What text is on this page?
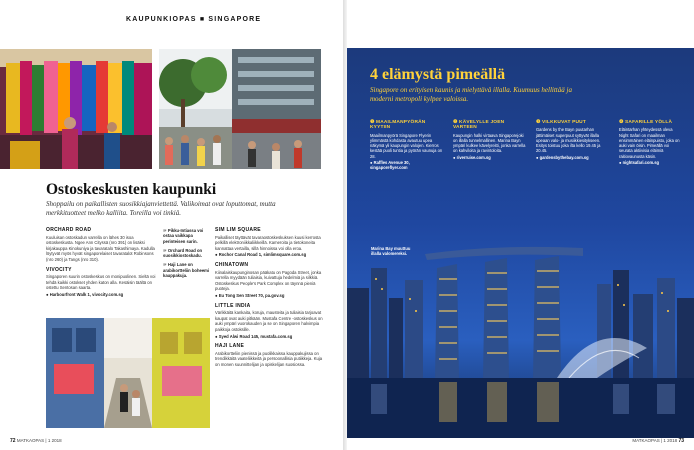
KAUPUNKIOPAS ■ SINGAPORE
Ostoskeskusten kaupunki

Shoppailu on paikallisten suosikkiajanviettettä. Valikoimat ovat loputtomat, mutta merkkituotteet melko kalliita. Toreilla voi tinkiä.

ORCHARD ROAD

Kuuluisan ostoskadun varrella on lähes 30 isoa ostoskeskusta. Ngee Ann Cityssä (nro 391) on lisäksi kirjakauppa Kinokuniya ja tavaratalo Takashimaya. Kadulla löytyvät myös hyvät singaporelaiset tavaratalot Robinsons (nro 260) ja Tangs (nro 310).

VIVOCITY

Singaporen suurin ostoskeskus on monipuolinen. Sieltä voi tehdä kaikki ostokset yhden katon alla. Kesäisin täältä on ostettu Sentosan saarta.

● Harbourfront Walk 1, vivocity.com.sg

☞ Pikku-Intiassa voi ostaa vaikkapa perinteisen sarin.

☞ Orchard Road on suosikkiostoskadu.

☞ Haji Lane on arabikortteliin boheemi kauppakuja.

SIM LIM SQUARE

Paikalliset täyttävät tavaraostoskeskuksen kuusi kerrosta pelkillä elektroniikkaliikkeillä. Kameroita ja tietokoneita kannattaa vertailla, sillä hinnoissa voi olla eroa.

● Rochor Canal Road 1, simlimsquare.com.sg

CHINATOWN

Kiinalaiskaupunginosan pääkatu on Pagoda Street, jonka varrella myydään tuliaisia, kuivattuja hedelmiä ja silkkiä. Ostoskeskus People's Park Complex on täynnä pieniä puoteja.

● Eu Tong Sen Street 70, pa.gov.sg

LITTLE INDIA

Värikkäitä kankaita, koruja, mausteita ja tuliaisia tarjoavat kaupat ovat auki pitkään. Mustafa Centre -ostoskeskus on auki ympäri vuorokauden ja se on Singaporen halvimpia paikkoja ostoksille.

● Syed Alwi Road 145, mustafa.com.sg

HAJI LANE

Arabikortteliin pienissä ja puolikkaissa kauppakujissa on trendikkäitä vaateliikkeitä ja persoonallisia putiikkeja. Kuja on monen suunnittelijan ja opiskelijan suosiossa.

72 MATKAOPAS | 1 2018
4 elämystä pimeällä

Singapore on erityisen kaunis ja mielyttävä illalla. Kuumuus hellittää ja moderni metropoli kylpee valoissa.

❶ MAAILMANPYÖRÄN KYYTIIN

Maailmanpyörä Singapore Flyerin ylimmästä kohdasta avautuu upea näkymä yli kaupungin valojen. Kierros kestää puoli tuntia ja pyörän vaunuja on 28.

● Raffles Avenue 30, singaporeflyer.com

❷ KÄVELYLLE JOEN VARTEEN

Kaupungin halki virtaava Singaporejoki on illalla tunnelmallinen. Marina Bayn ympäri kulkee kävelyreitti, jonka varrella on kahviloita ja ravintoloita.

● riverruise.com.sg

❸ VILKKUVAT PUUT

Gardens by the Bayn puutarhan jättimäiset superpuut syttyvät illalla upeaan valo- ja musiikkiesitykseen. Esitys toistuu joka ilta kello 19.45 ja 20.45.

● gardensbythebay.com.sg

❹ SAFARILLE YÖLLÄ

Eläintarhan yhteydessä oleva Night Safari on maailman ensimmäinen eläinpuisto, joka on auki vain öisin. Pimeällä voi seurata aktiivisia eläimiä raitiovaunusta käsin.

● nightsafari.com.sg

Marina Bay muuttuu illalla valomereksi.
MATKAOPAS | 1 2018 73
